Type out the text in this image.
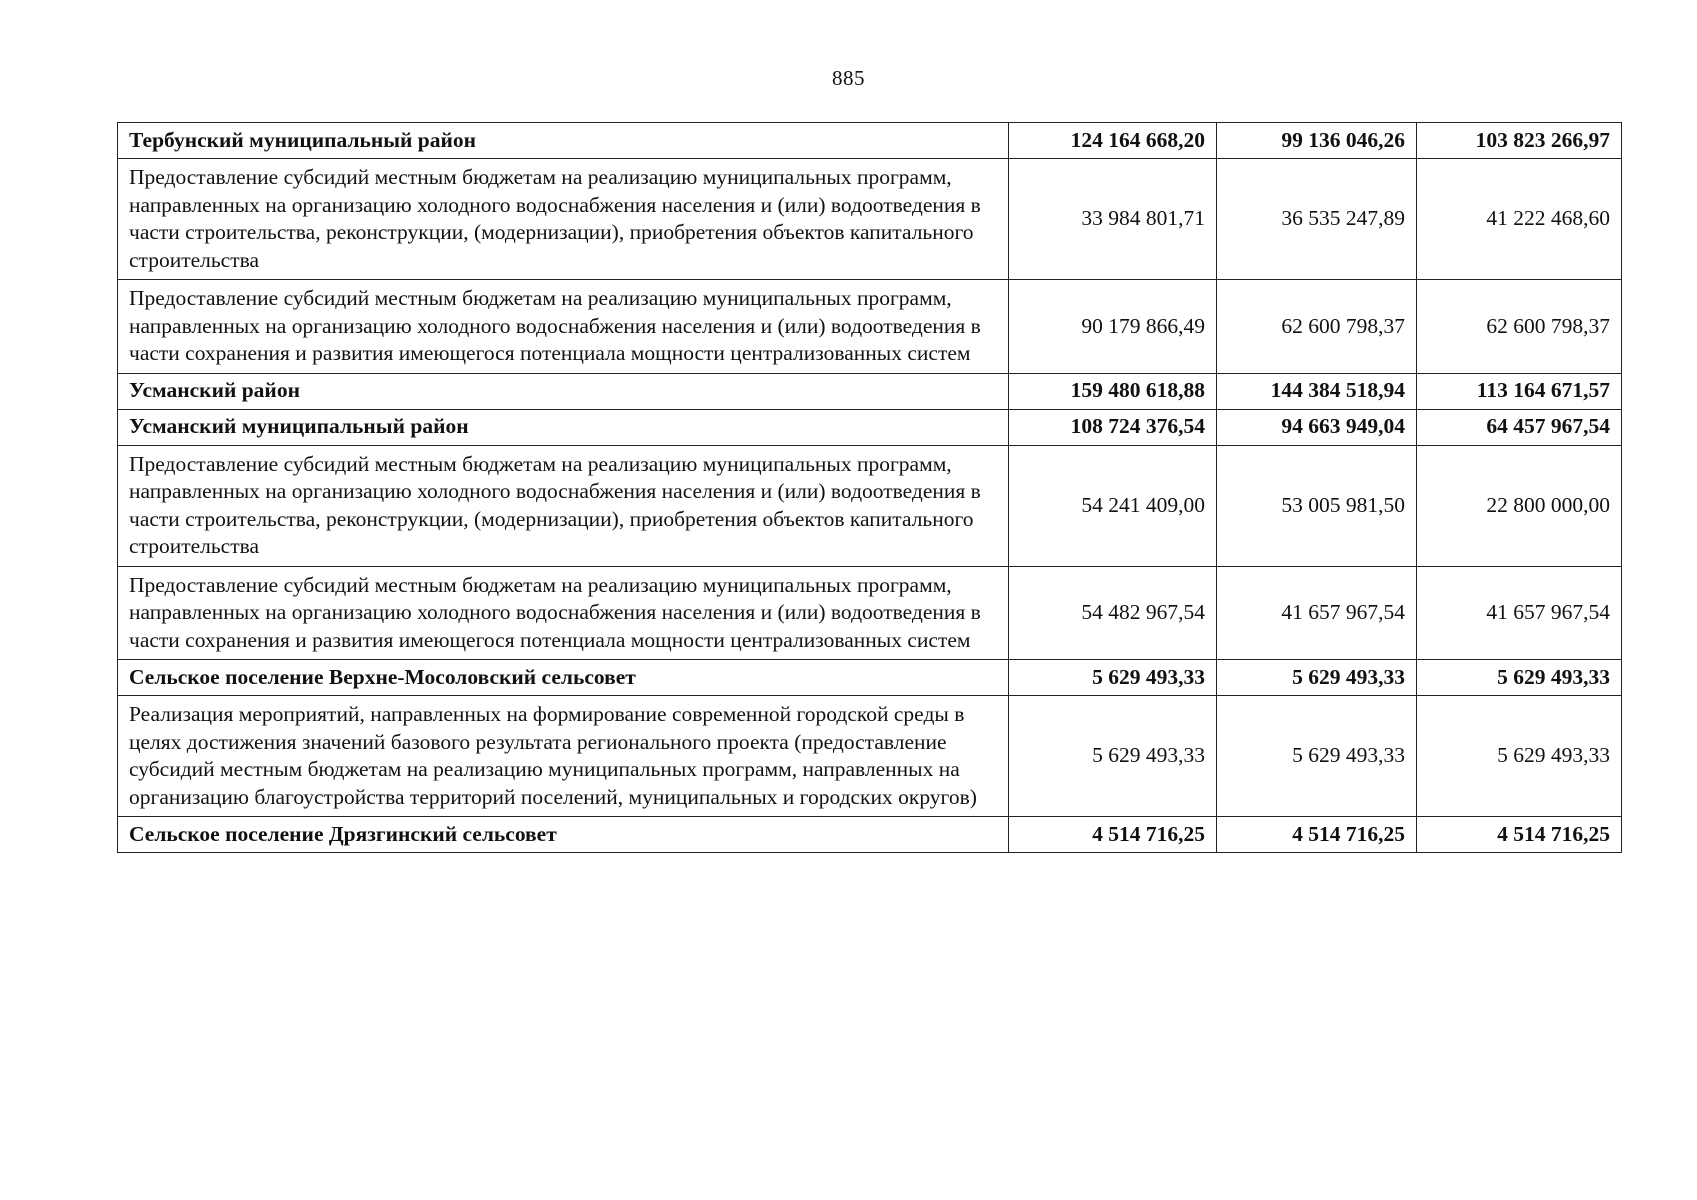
885
Тербунский муниципальный район	124 164 668,20	99 136 046,26	103 823 266,97
Предоставление субсидий местным бюджетам на реализацию муниципальных программ, направленных на организацию холодного водоснабжения населения и (или) водоотведения в части строительства, реконструкции, (модернизации), приобретения объектов капитального строительства	33 984 801,71	36 535 247,89	41 222 468,60
Предоставление субсидий местным бюджетам на реализацию муниципальных программ, направленных на организацию холодного водоснабжения населения и (или) водоотведения в части сохранения и развития имеющегося потенциала мощности централизованных систем	90 179 866,49	62 600 798,37	62 600 798,37
Усманский район	159 480 618,88	144 384 518,94	113 164 671,57
Усманский муниципальный район	108 724 376,54	94 663 949,04	64 457 967,54
Предоставление субсидий местным бюджетам на реализацию муниципальных программ, направленных на организацию холодного водоснабжения населения и (или) водоотведения в части строительства, реконструкции, (модернизации), приобретения объектов капитального строительства	54 241 409,00	53 005 981,50	22 800 000,00
Предоставление субсидий местным бюджетам на реализацию муниципальных программ, направленных на организацию холодного водоснабжения населения и (или) водоотведения в части сохранения и развития имеющегося потенциала мощности централизованных систем	54 482 967,54	41 657 967,54	41 657 967,54
Сельское поселение Верхне-Мосоловский сельсовет	5 629 493,33	5 629 493,33	5 629 493,33
Реализация мероприятий, направленных на формирование современной городской среды в целях достижения значений базового результата регионального проекта (предоставление субсидий местным бюджетам на реализацию муниципальных программ, направленных на организацию благоустройства территорий поселений, муниципальных и городских округов)	5 629 493,33	5 629 493,33	5 629 493,33
Сельское поселение Дрязгинский сельсовет	4 514 716,25	4 514 716,25	4 514 716,25
